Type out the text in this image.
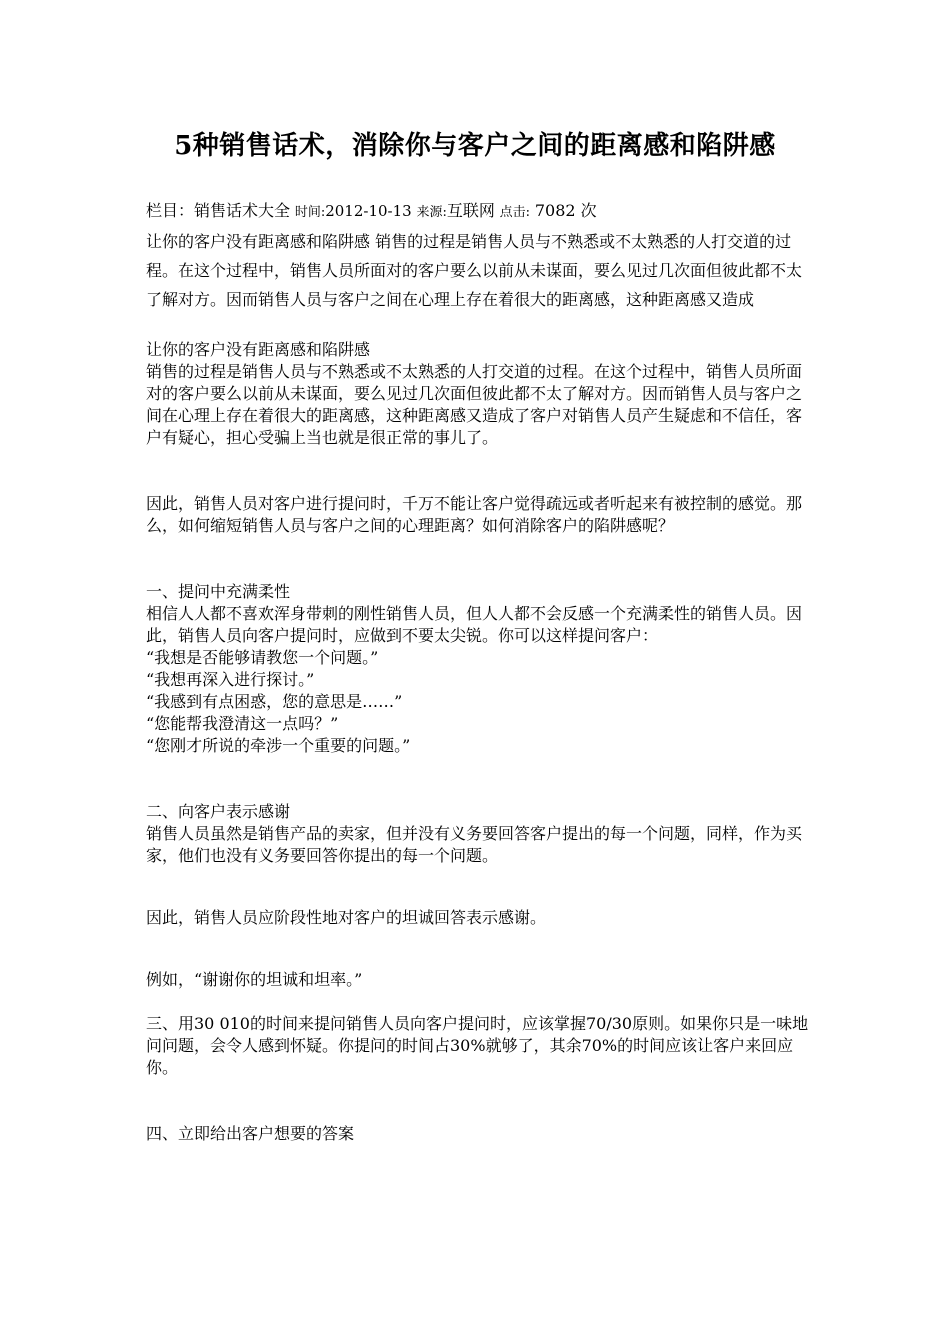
5种销售话术，消除你与客户之间的距离感和陷阱感
栏目：销售话术大全 时间:2012-10-13 来源:互联网 点击: 7082 次
让你的客户没有距离感和陷阱感 销售的过程是销售人员与不熟悉或不太熟悉的人打交道的过程。在这个过程中，销售人员所面对的客户要么以前从未谋面，要么见过几次面但彼此都不太了解对方。因而销售人员与客户之间在心理上存在着很大的距离感，这种距离感又造成

让你的客户没有距离感和陷阱感
销售的过程是销售人员与不熟悉或不太熟悉的人打交道的过程。在这个过程中，销售人员所面对的客户要么以前从未谋面，要么见过几次面但彼此都不太了解对方。因而销售人员与客户之间在心理上存在着很大的距离感，这种距离感又造成了客户对销售人员产生疑虑和不信任，客户有疑心，担心受骗上当也就是很正常的事儿了。

因此，销售人员对客户进行提问时，千万不能让客户觉得疏远或者听起来有被控制的感觉。那么，如何缩短销售人员与客户之间的心理距离？如何消除客户的陷阱感呢？

一、提问中充满柔性
相信人人都不喜欢浑身带刺的刚性销售人员，但人人都不会反感一个充满柔性的销售人员。因此，销售人员向客户提问时，应做到不要太尖锐。你可以这样提问客户：
“我想是否能够请教您一个问题。”
“我想再深入进行探讨。”
“我感到有点困惑，您的意思是……”
“您能帮我澄清这一点吗？”
“您刚才所说的牵涉一个重要的问题。”

二、向客户表示感谢
销售人员虽然是销售产品的卖家，但并没有义务要回答客户提出的每一个问题，同样，作为买家，他们也没有义务要回答你提出的每一个问题。

因此，销售人员应阶段性地对客户的坦诚回答表示感谢。

例如，“谢谢你的坦诚和坦率。”

三、用30 010的时间来提问销售人员向客户提问时，应该掌握70/30原则。如果你只是一味地问问题，会令人感到怀疑。你提问的时间占30%就够了，其余70%的时间应该让客户来回应你。

四、立即给出客户想要的答案
